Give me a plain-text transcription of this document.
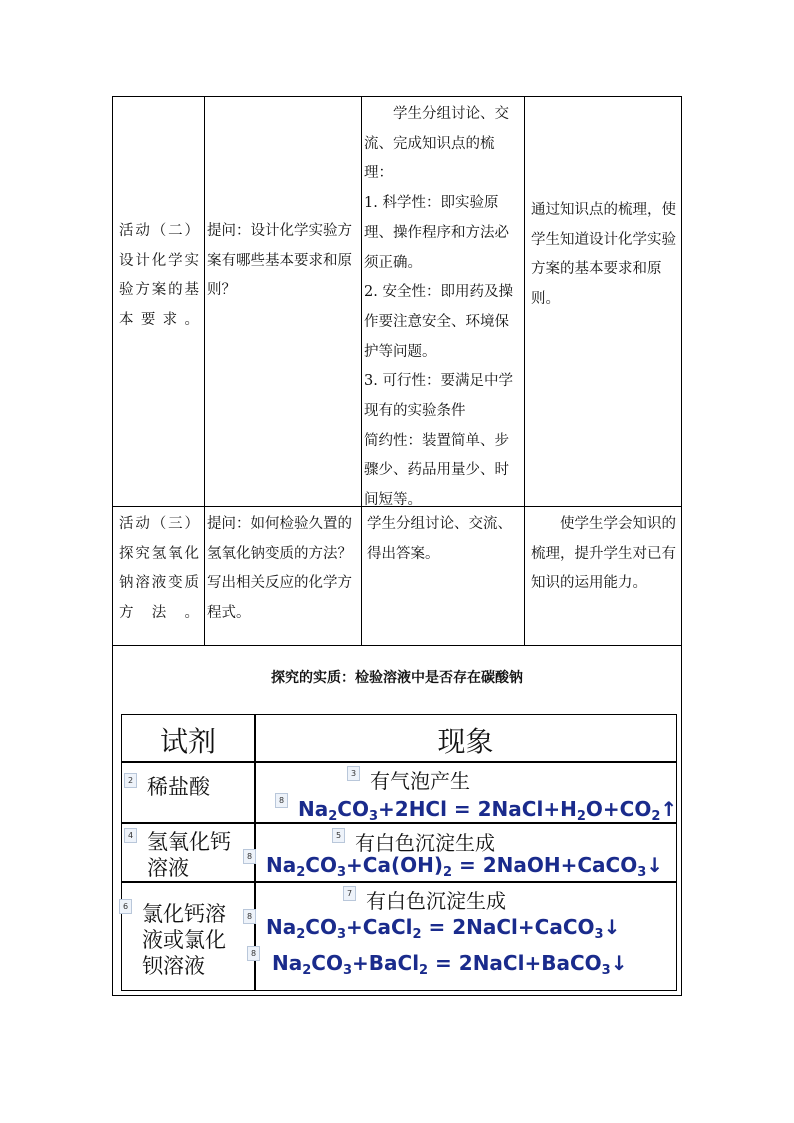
活动（二）设计化学实验方案的基本要求。
提问：设计化学实验方案有哪些基本要求和原则？

学生分组讨论、交流、完成知识点的梳理：

1. 科学性：即实验原理、操作程序和方法必须正确。

2. 安全性：即用药及操作要注意安全、环境保护等问题。

3. 可行性：要满足中学现有的实验条件

简约性：装置简单、步骤少、药品用量少、时间短等。

通过知识点的梳理，使学生知道设计化学实验方案的基本要求和原则。
活动（三）探究氢氧化钠溶液变质方法。
提问：如何检验久置的氢氧化钠变质的方法？写出相关反应的化学方程式。
学生分组讨论、交流、得出答案。
使学生学会知识的梳理，提升学生对已有知识的运用能力。
探究的实质：检验溶液中是否存在碳酸钠
试剂	现象
2 稀盐酸
3 有气泡产生
8 $Na_2CO_3+2HCl$ = $2NaCl+H_2O+CO_2↑$
4 氢氧化钙溶液
5 有白色沉淀生成
8 $Na_2CO_3+Ca(OH)_2$ = 2NaOH+CaCO$_3$↓
6 氯化钙溶液或氯化钡溶液
7 有白色沉淀生成
8 $Na_2CO_3+CaCl_2$ = 2NaCl+CaCO$_3$↓
8 $Na_2CO_3+BaCl_2$ = 2NaCl+BaCO$_3$↓
